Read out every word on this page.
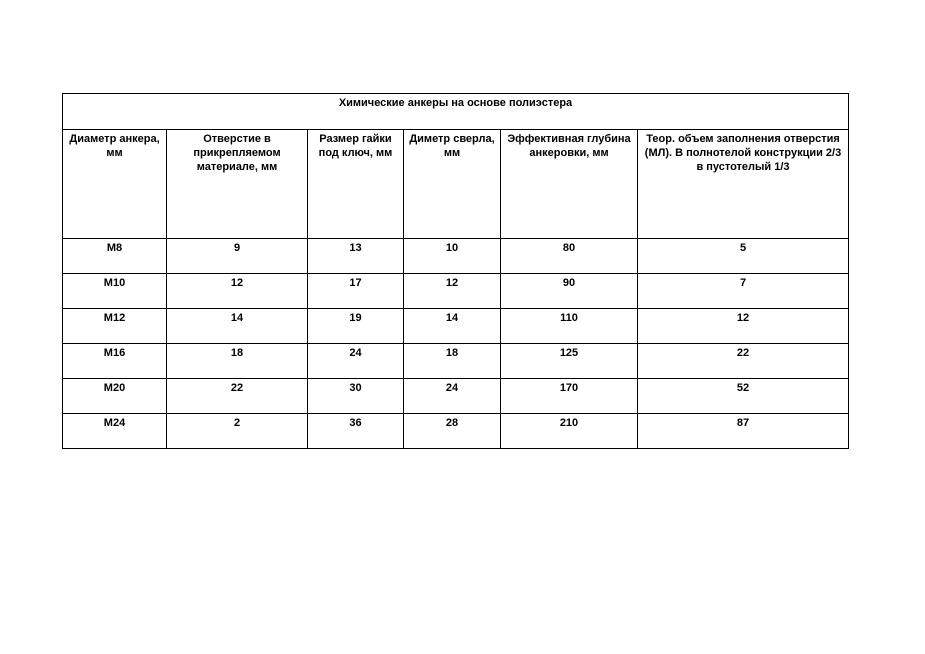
Химические анкеры на основе полиэстера					
Диаметр анкера, мм	Отверстие в прикрепляемом материале, мм	Размер гайки под ключ, мм	Диметр сверла, мм	Эффективная глубина анкеровки, мм	Теор. объем заполнения отверстия (МЛ). В полнотелой конструкции 2/3 в пустотелый 1/3
M8	9	13	10	80	5
M10	12	17	12	90	7
M12	14	19	14	110	12
M16	18	24	18	125	22
M20	22	30	24	170	52
M24	2	36	28	210	87
